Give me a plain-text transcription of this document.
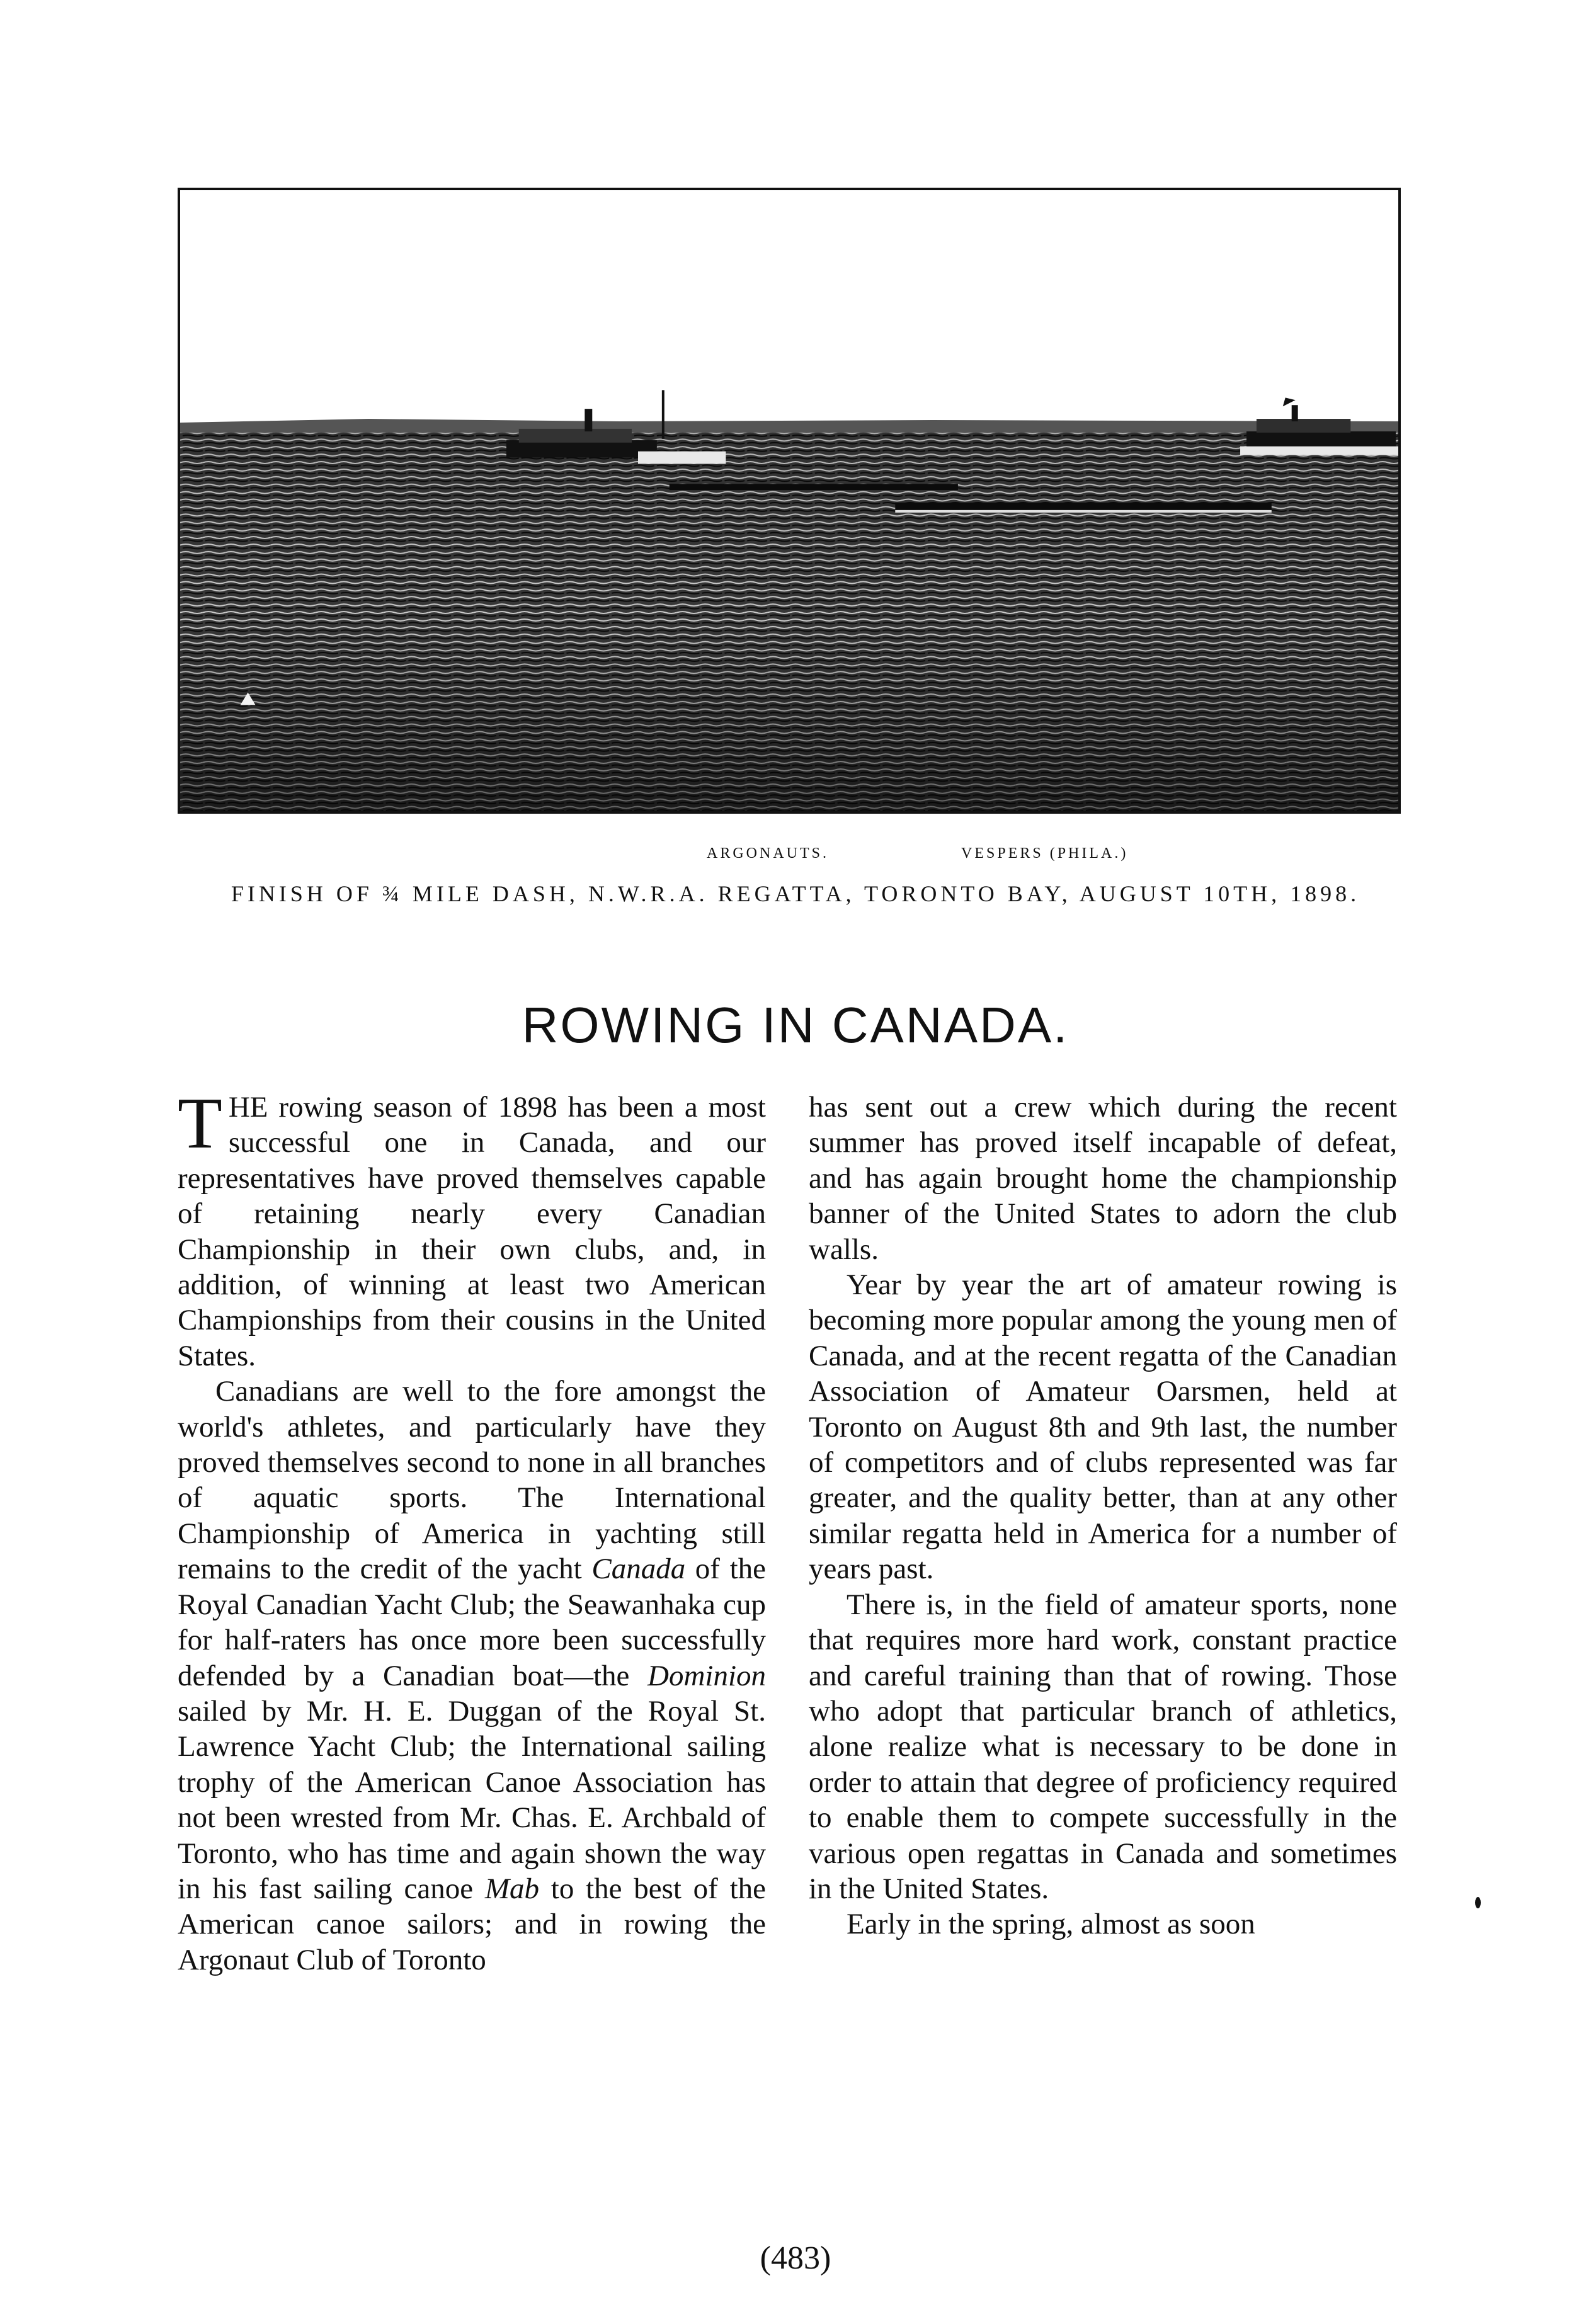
ARGONAUTS.	VESPERS (PHILA.)
FINISH OF ¾ MILE DASH, N.W.R.A. REGATTA, TORONTO BAY, AUGUST 10TH, 1898.
ROWING IN CANADA.

THE rowing season of 1898 has been a most successful one in Canada, and our representatives have proved themselves capable of retaining nearly every Canadian Championship in their own clubs, and, in addition, of winning at least two American Championships from their cousins in the United States.

Canadians are well to the fore amongst the world's athletes, and particularly have they proved themselves second to none in all branches of aquatic sports. The International Championship of America in yachting still remains to the credit of the yacht Canada of the Royal Canadian Yacht Club; the Seawanhaka cup for half-raters has once more been successfully defended by a Canadian boat—the Dominion sailed by Mr. H. E. Duggan of the Royal St. Lawrence Yacht Club; the International sailing trophy of the American Canoe Association has not been wrested from Mr. Chas. E. Archbald of Toronto, who has time and again shown the way in his fast sailing canoe Mab to the best of the American canoe sailors; and in rowing the Argonaut Club of Toronto

has sent out a crew which during the recent summer has proved itself incapable of defeat, and has again brought home the championship banner of the United States to adorn the club walls.

Year by year the art of amateur rowing is becoming more popular among the young men of Canada, and at the recent regatta of the Canadian Association of Amateur Oarsmen, held at Toronto on August 8th and 9th last, the number of competitors and of clubs represented was far greater, and the quality better, than at any other similar regatta held in America for a number of years past.

There is, in the field of amateur sports, none that requires more hard work, constant practice and careful training than that of rowing. Those who adopt that particular branch of athletics, alone realize what is necessary to be done in order to attain that degree of proficiency required to enable them to compete successfully in the various open regattas in Canada and sometimes in the United States.

Early in the spring, almost as soon

(483)
